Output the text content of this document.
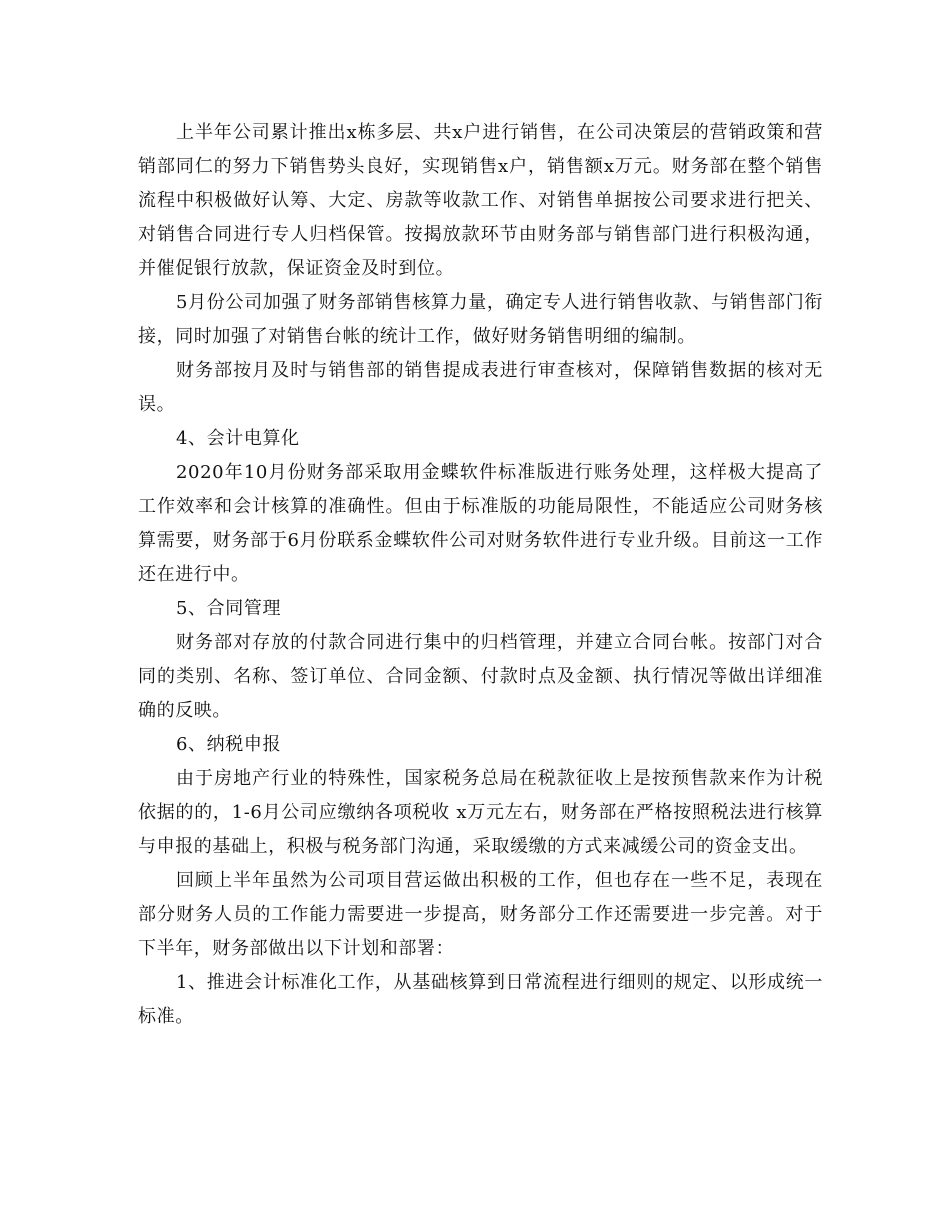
上半年公司累计推出x栋多层、共x户进行销售，在公司决策层的营销政策和营销部同仁的努力下销售势头良好，实现销售x户，销售额x万元。财务部在整个销售流程中积极做好认筹、大定、房款等收款工作、对销售单据按公司要求进行把关、对销售合同进行专人归档保管。按揭放款环节由财务部与销售部门进行积极沟通，并催促银行放款，保证资金及时到位。

5月份公司加强了财务部销售核算力量，确定专人进行销售收款、与销售部门衔接，同时加强了对销售台帐的统计工作，做好财务销售明细的编制。

财务部按月及时与销售部的销售提成表进行审查核对，保障销售数据的核对无误。

4、会计电算化

2020年10月份财务部采取用金蝶软件标准版进行账务处理，这样极大提高了工作效率和会计核算的准确性。但由于标准版的功能局限性，不能适应公司财务核算需要，财务部于6月份联系金蝶软件公司对财务软件进行专业升级。目前这一工作还在进行中。

5、合同管理

财务部对存放的付款合同进行集中的归档管理，并建立合同台帐。按部门对合同的类别、名称、签订单位、合同金额、付款时点及金额、执行情况等做出详细准确的反映。

6、纳税申报

由于房地产行业的特殊性，国家税务总局在税款征收上是按预售款来作为计税依据的的，1-6月公司应缴纳各项税收 x万元左右，财务部在严格按照税法进行核算与申报的基础上，积极与税务部门沟通，采取缓缴的方式来减缓公司的资金支出。

回顾上半年虽然为公司项目营运做出积极的工作，但也存在一些不足，表现在部分财务人员的工作能力需要进一步提高，财务部分工作还需要进一步完善。对于下半年，财务部做出以下计划和部署：

1、推进会计标准化工作，从基础核算到日常流程进行细则的规定、以形成统一标准。
